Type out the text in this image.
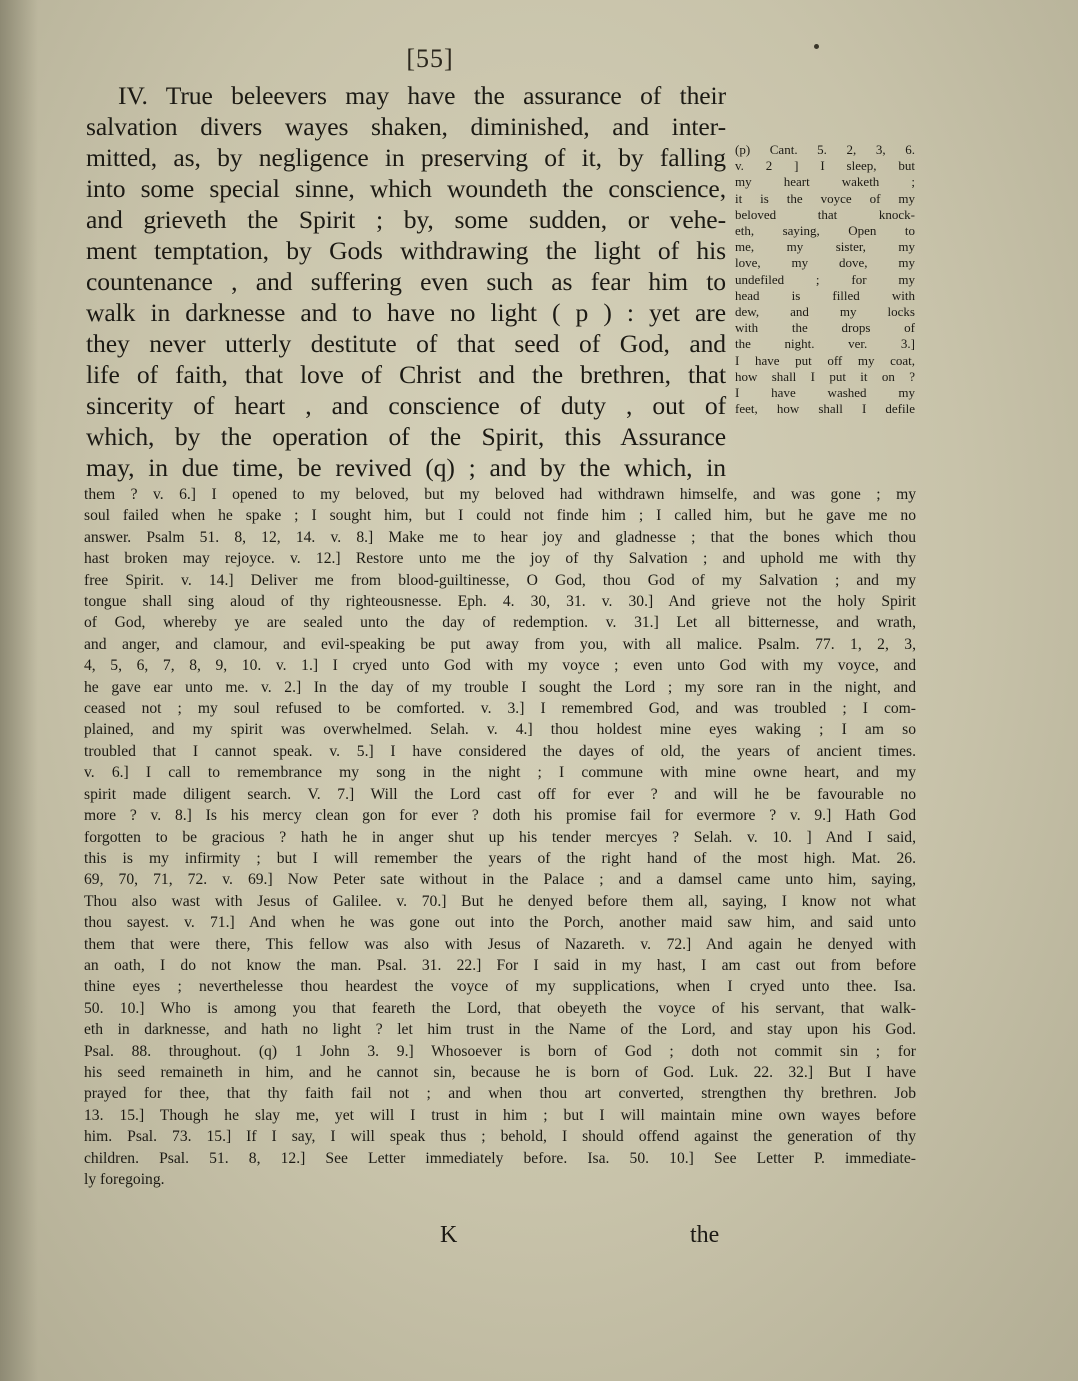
[55]
IV. True beleevers may have the assurance of their
salvation divers wayes shaken, diminished, and inter-
mitted, as, by negligence in preserving of it, by falling
into some special sinne, which woundeth the conscience,
and grieveth the Spirit ; by, some sudden, or vehe-
ment temptation, by Gods withdrawing the light of his
countenance , and suffering even such as fear him to
walk in darknesse and to have no light ( p ) : yet are
they never utterly destitute of that seed of God, and
life of faith, that love of Christ and the brethren, that
sincerity of heart , and conscience of duty , out of
which, by the operation of the Spirit, this Assurance
may, in due time, be revived (q) ; and by the which, in
(p) Cant. 5. 2, 3, 6.
v. 2 ] I sleep, but
my heart waketh ;
it is the voyce of my
beloved that knock-
eth, saying, Open to
me, my sister, my
love, my dove, my
undefiled ; for my
head is filled with
dew, and my locks
with the drops of
the night. ver. 3.]
I have put off my coat,
how shall I put it on ?
I have washed my
feet, how shall I defile
them ? v. 6.] I opened to my beloved, but my beloved had withdrawn himselfe, and was gone ; my
soul failed when he spake ; I sought him, but I could not finde him ; I called him, but he gave me no
answer. Psalm 51. 8, 12, 14. v. 8.] Make me to hear joy and gladnesse ; that the bones which thou
hast broken may rejoyce. v. 12.] Restore unto me the joy of thy Salvation ; and uphold me with thy
free Spirit. v. 14.] Deliver me from blood-guiltinesse, O God, thou God of my Salvation ; and my
tongue shall sing aloud of thy righteousnesse. Eph. 4. 30, 31. v. 30.] And grieve not the holy Spirit
of God, whereby ye are sealed unto the day of redemption. v. 31.] Let all bitternesse, and wrath,
and anger, and clamour, and evil-speaking be put away from you, with all malice. Psalm. 77. 1, 2, 3,
4, 5, 6, 7, 8, 9, 10. v. 1.] I cryed unto God with my voyce ; even unto God with my voyce, and
he gave ear unto me. v. 2.] In the day of my trouble I sought the Lord ; my sore ran in the night, and
ceased not ; my soul refused to be comforted. v. 3.] I remembred God, and was troubled ; I com-
plained, and my spirit was overwhelmed. Selah. v. 4.] thou holdest mine eyes waking ; I am so
troubled that I cannot speak. v. 5.] I have considered the dayes of old, the years of ancient times.
v. 6.] I call to remembrance my song in the night ; I commune with mine owne heart, and my
spirit made diligent search. V. 7.] Will the Lord cast off for ever ? and will he be favourable no
more ? v. 8.] Is his mercy clean gon for ever ? doth his promise fail for evermore ? v. 9.] Hath God
forgotten to be gracious ? hath he in anger shut up his tender mercyes ? Selah. v. 10. ] And I said,
this is my infirmity ; but I will remember the years of the right hand of the most high. Mat. 26.
69, 70, 71, 72. v. 69.] Now Peter sate without in the Palace ; and a damsel came unto him, saying,
Thou also wast with Jesus of Galilee. v. 70.] But he denyed before them all, saying, I know not what
thou sayest. v. 71.] And when he was gone out into the Porch, another maid saw him, and said unto
them that were there, This fellow was also with Jesus of Nazareth. v. 72.] And again he denyed with
an oath, I do not know the man. Psal. 31. 22.] For I said in my hast, I am cast out from before
thine eyes ; neverthelesse thou heardest the voyce of my supplications, when I cryed unto thee. Isa.
50. 10.] Who is among you that feareth the Lord, that obeyeth the voyce of his servant, that walk-
eth in darknesse, and hath no light ? let him trust in the Name of the Lord, and stay upon his God.
Psal. 88. throughout. (q) 1 John 3. 9.] Whosoever is born of God ; doth not commit sin ; for
his seed remaineth in him, and he cannot sin, because he is born of God. Luk. 22. 32.] But I have
prayed for thee, that thy faith fail not ; and when thou art converted, strengthen thy brethren. Job
13. 15.] Though he slay me, yet will I trust in him ; but I will maintain mine own wayes before
him. Psal. 73. 15.] If I say, I will speak thus ; behold, I should offend against the generation of thy
children. Psal. 51. 8, 12.] See Letter immediately before. Isa. 50. 10.] See Letter P. immediate-
ly foregoing.
K	the
